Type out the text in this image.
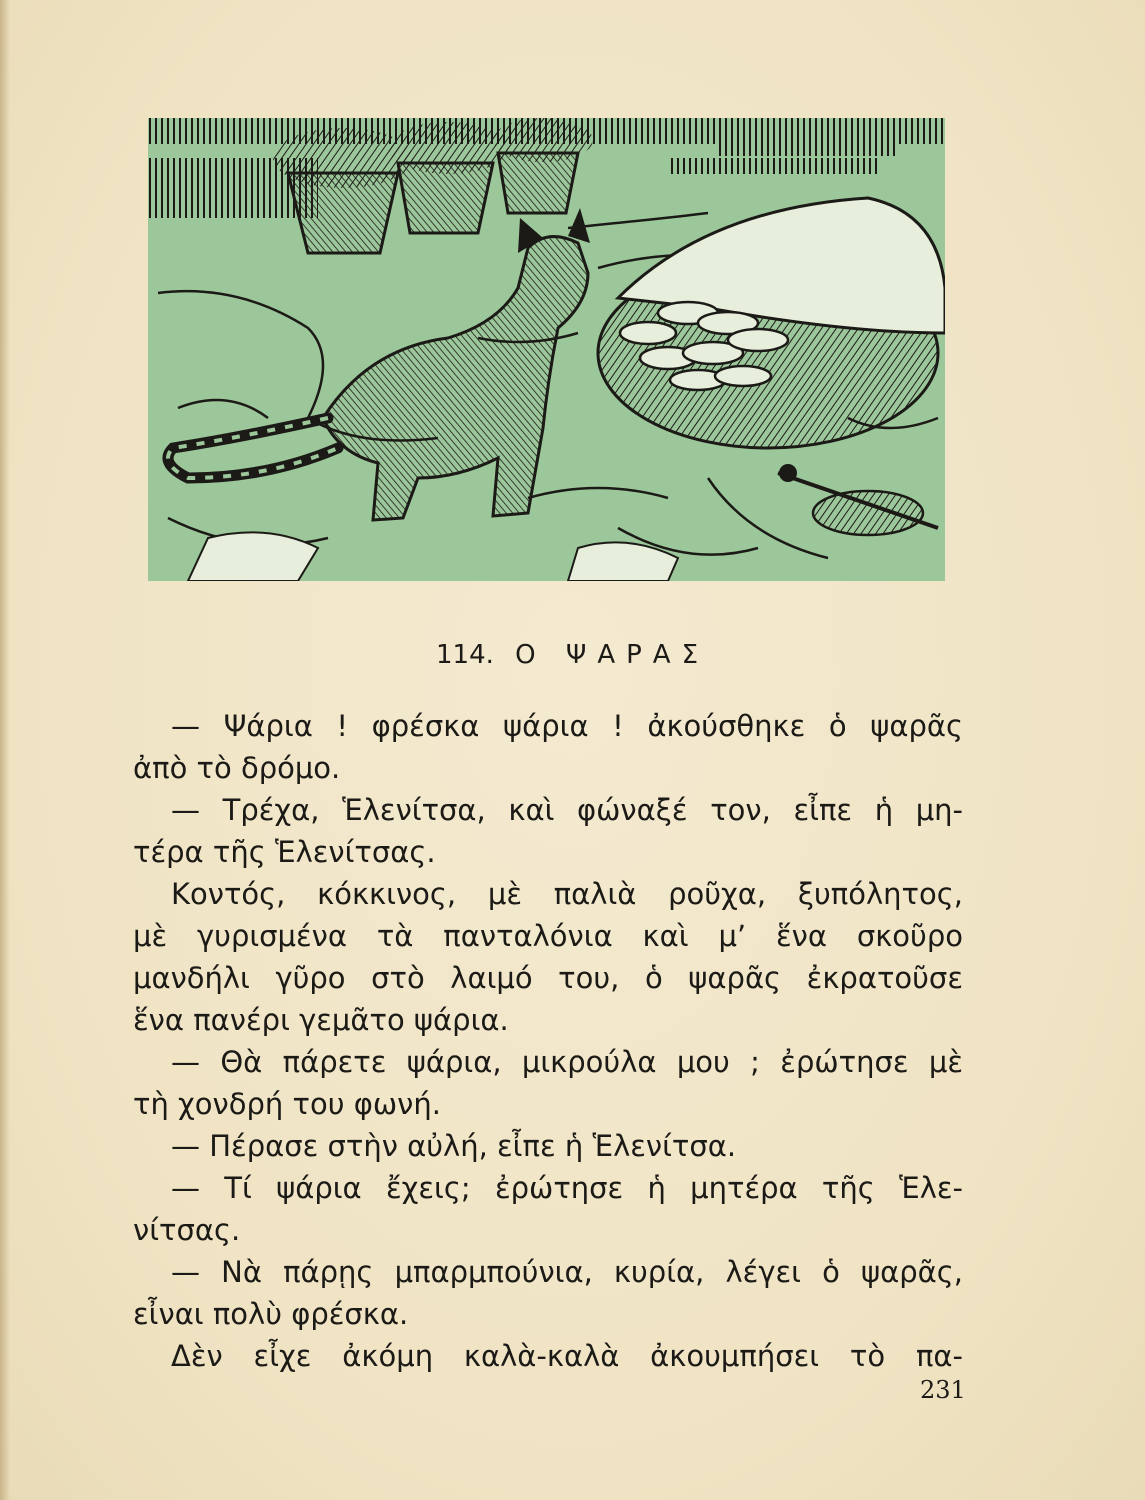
114. Ο ΨΑΡΑΣ
— Ψάρια ! φρέσκα ψάρια ! ἀκούσθηκε ὁ ψαρᾶς
ἀπὸ τὸ δρόμο.
— Τρέχα, Ἑλενίτσα, καὶ φώναξέ τον, εἶπε ἡ μη-
τέρα τῆς Ἑλενίτσας.
Κοντός, κόκκινος, μὲ παλιὰ ροῦχα, ξυπόλητος,
μὲ γυρισμένα τὰ πανταλόνια καὶ μ’ ἕνα σκοῦρο
μανδήλι γῦρο στὸ λαιμό του, ὁ ψαρᾶς ἐκρατοῦσε
ἕνα πανέρι γεμᾶτο ψάρια.
— Θὰ πάρετε ψάρια, μικρούλα μου ; ἐρώτησε μὲ
τὴ χονδρή του φωνή.
— Πέρασε στὴν αὐλή, εἶπε ἡ Ἑλενίτσα.
— Τί ψάρια ἔχεις; ἐρώτησε ἡ μητέρα τῆς Ἑλε-
νίτσας.
— Νὰ πάρῃς μπαρμπούνια, κυρία, λέγει ὁ ψαρᾶς,
εἶναι πολὺ φρέσκα.
Δὲν εἶχε ἀκόμη καλὰ-καλὰ ἀκουμπήσει τὸ πα-
231
